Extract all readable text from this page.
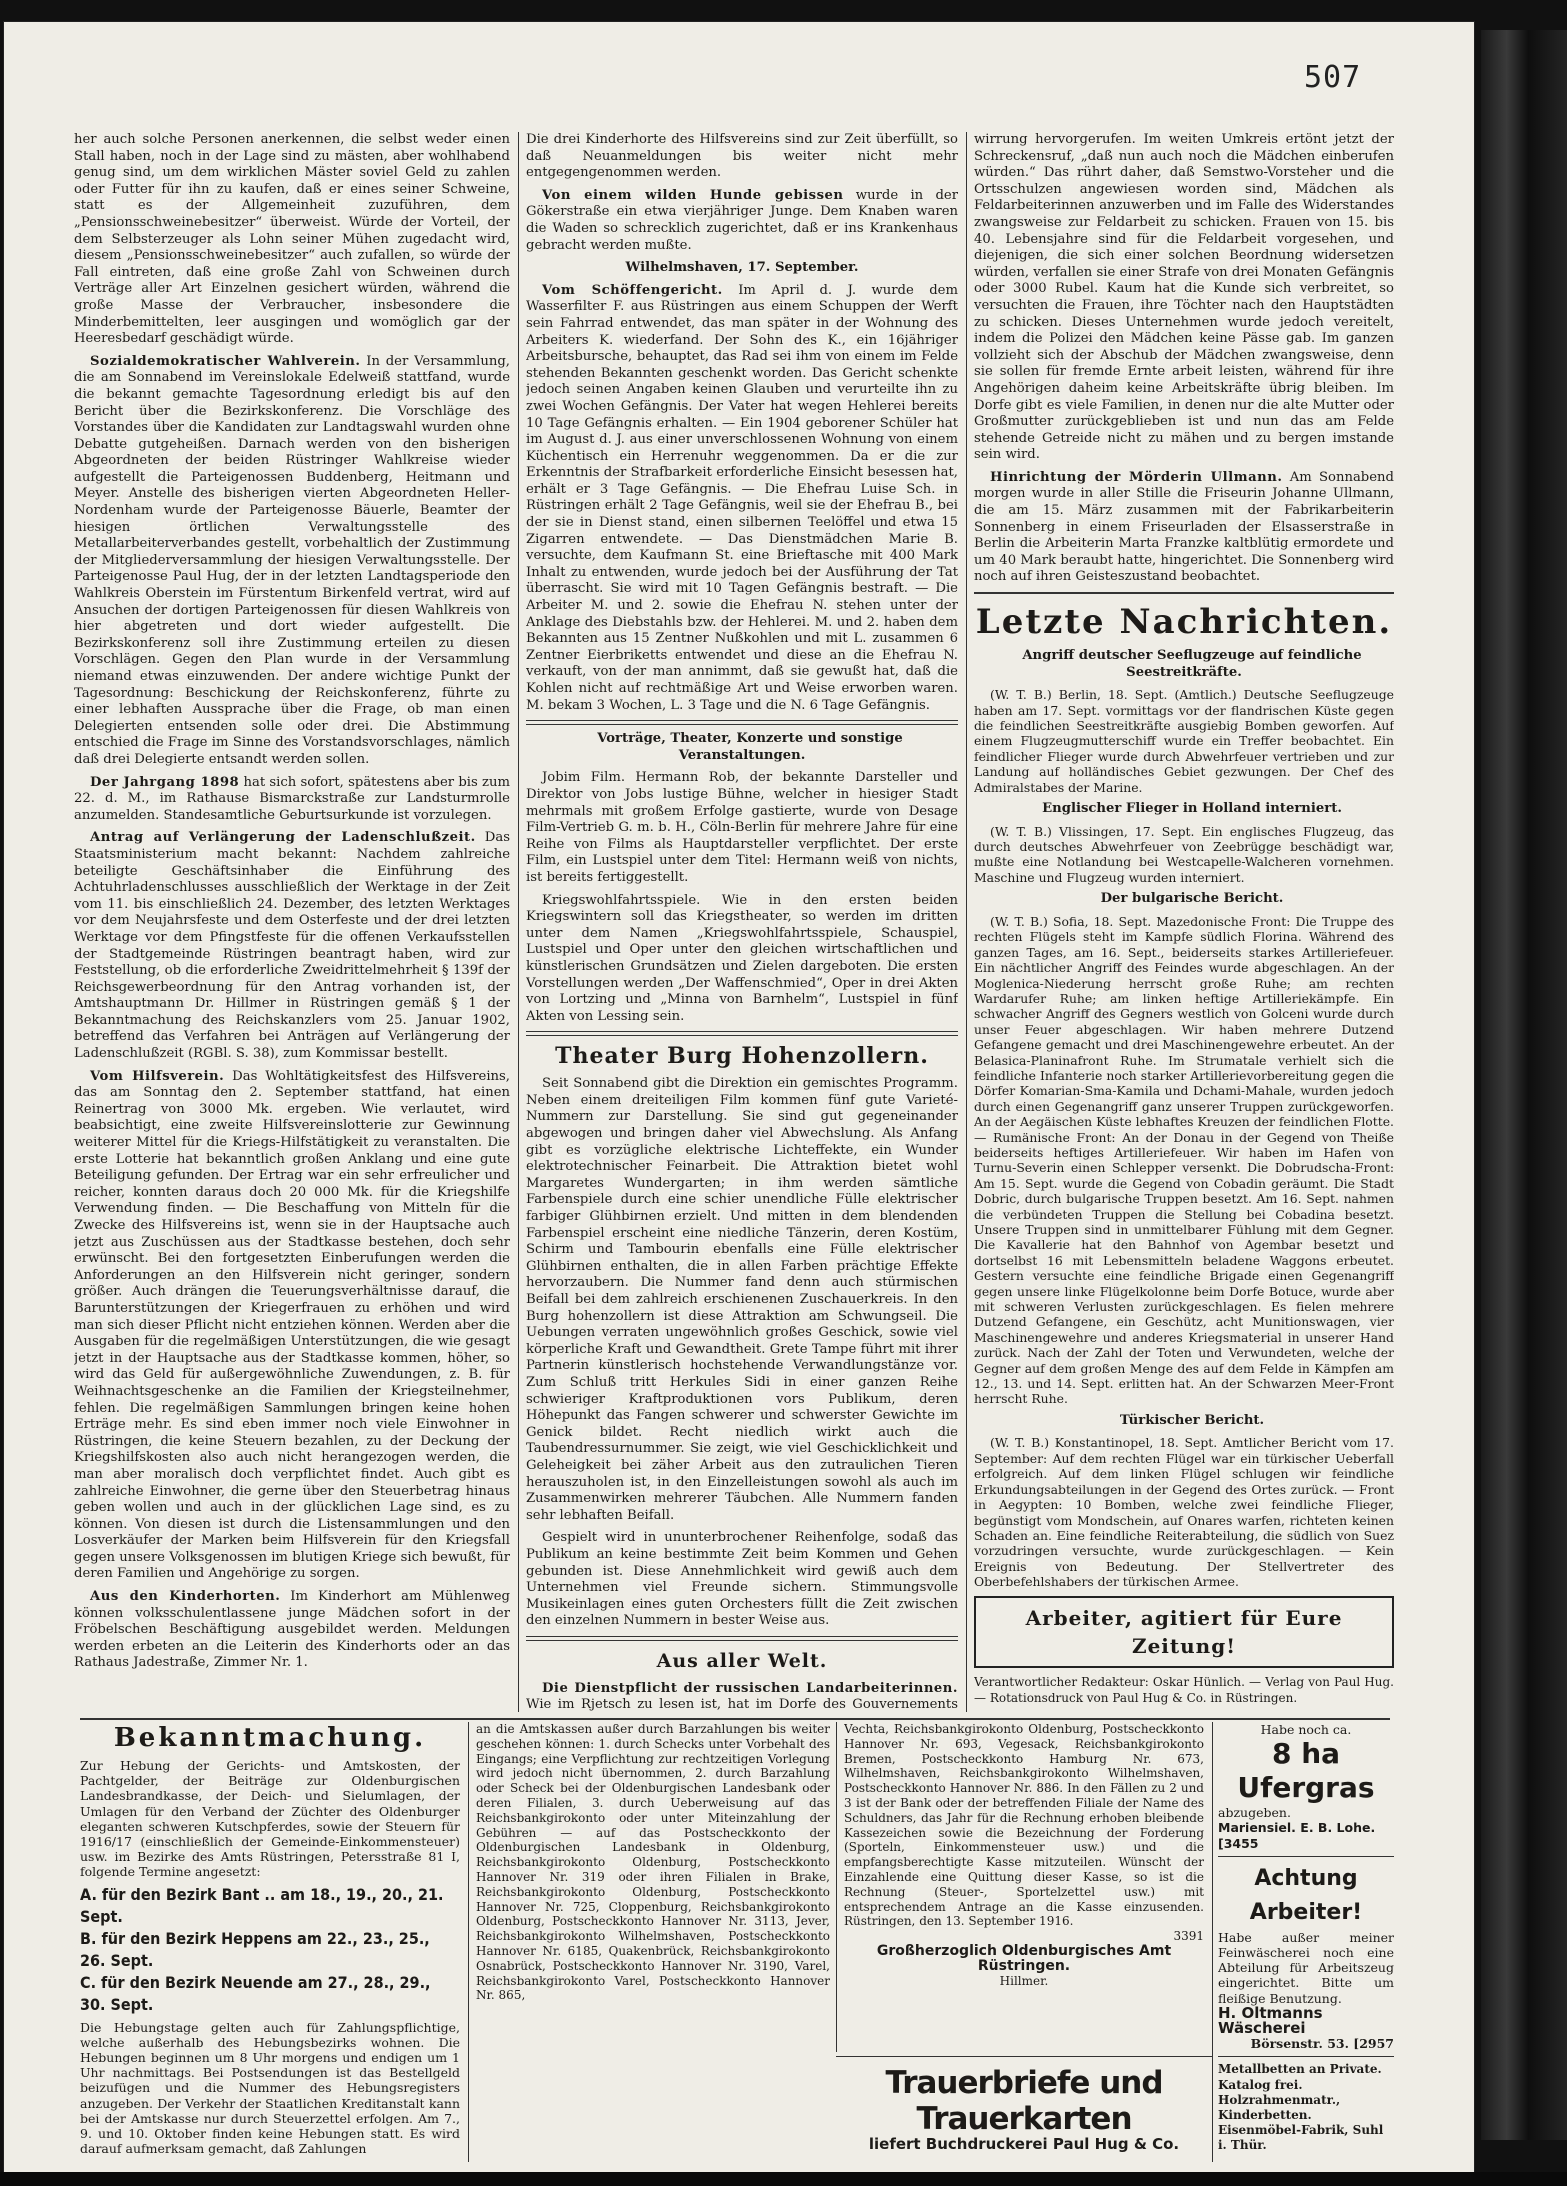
507

her auch solche Personen anerkennen, die selbst weder einen Stall haben, noch in der Lage sind zu mästen, aber wohlhabend genug sind, um dem wirklichen Mäster soviel Geld zu zahlen oder Futter für ihn zu kaufen, daß er eines seiner Schweine, statt es der Allgemeinheit zuzuführen, dem „Pensionsschweinebesitzer“ überweist. Würde der Vorteil, der dem Selbsterzeuger als Lohn seiner Mühen zugedacht wird, diesem „Pensionsschweinebesitzer“ auch zufallen, so würde der Fall eintreten, daß eine große Zahl von Schweinen durch Verträge aller Art Einzelnen gesichert würden, während die große Masse der Verbraucher, insbesondere die Minderbemittelten, leer ausgingen und womöglich gar der Heeresbedarf geschädigt würde.

Sozialdemokratischer Wahlverein. In der Versammlung, die am Sonnabend im Vereinslokale Edelweiß stattfand, wurde die bekannt gemachte Tagesordnung erledigt bis auf den Bericht über die Bezirkskonferenz. Die Vorschläge des Vorstandes über die Kandidaten zur Landtagswahl wurden ohne Debatte gutgeheißen. Darnach werden von den bisherigen Abgeordneten der beiden Rüstringer Wahlkreise wieder aufgestellt die Parteigenossen Buddenberg, Heitmann und Meyer. Anstelle des bisherigen vierten Abgeordneten Heller-Nordenham wurde der Parteigenosse Bäuerle, Beamter der hiesigen örtlichen Verwaltungsstelle des Metallarbeiterverbandes gestellt, vorbehaltlich der Zustimmung der Mitgliederversammlung der hiesigen Verwaltungsstelle. Der Parteigenosse Paul Hug, der in der letzten Landtagsperiode den Wahlkreis Oberstein im Fürstentum Birkenfeld vertrat, wird auf Ansuchen der dortigen Parteigenossen für diesen Wahlkreis von hier abgetreten und dort wieder aufgestellt. Die Bezirkskonferenz soll ihre Zustimmung erteilen zu diesen Vorschlägen. Gegen den Plan wurde in der Versammlung niemand etwas einzuwenden. Der andere wichtige Punkt der Tagesordnung: Beschickung der Reichskonferenz, führte zu einer lebhaften Aussprache über die Frage, ob man einen Delegierten entsenden solle oder drei. Die Abstimmung entschied die Frage im Sinne des Vorstandsvorschlages, nämlich daß drei Delegierte entsandt werden sollen.

Der Jahrgang 1898 hat sich sofort, spätestens aber bis zum 22. d. M., im Rathause Bismarckstraße zur Landsturmrolle anzumelden. Standesamtliche Geburtsurkunde ist vorzulegen.

Antrag auf Verlängerung der Ladenschlußzeit. Das Staatsministerium macht bekannt: Nachdem zahlreiche beteiligte Geschäftsinhaber die Einführung des Achtuhrladenschlusses ausschließlich der Werktage in der Zeit vom 11. bis einschließlich 24. Dezember, des letzten Werktages vor dem Neujahrsfeste und dem Osterfeste und der drei letzten Werktage vor dem Pfingstfeste für die offenen Verkaufsstellen der Stadtgemeinde Rüstringen beantragt haben, wird zur Feststellung, ob die erforderliche Zweidrittelmehrheit § 139f der Reichsgewerbeordnung für den Antrag vorhanden ist, der Amtshauptmann Dr. Hillmer in Rüstringen gemäß § 1 der Bekanntmachung des Reichskanzlers vom 25. Januar 1902, betreffend das Verfahren bei Anträgen auf Verlängerung der Ladenschlußzeit (RGBl. S. 38), zum Kommissar bestellt.

Vom Hilfsverein. Das Wohltätigkeitsfest des Hilfsvereins, das am Sonntag den 2. September stattfand, hat einen Reinertrag von 3000 Mk. ergeben. Wie verlautet, wird beabsichtigt, eine zweite Hilfsvereinslotterie zur Gewinnung weiterer Mittel für die Kriegs-Hilfstätigkeit zu veranstalten. Die erste Lotterie hat bekanntlich großen Anklang und eine gute Beteiligung gefunden. Der Ertrag war ein sehr erfreulicher und reicher, konnten daraus doch 20 000 Mk. für die Kriegshilfe Verwendung finden. — Die Beschaffung von Mitteln für die Zwecke des Hilfsvereins ist, wenn sie in der Hauptsache auch jetzt aus Zuschüssen aus der Stadtkasse bestehen, doch sehr erwünscht. Bei den fortgesetzten Einberufungen werden die Anforderungen an den Hilfsverein nicht geringer, sondern größer. Auch drängen die Teuerungsverhältnisse darauf, die Barunterstützungen der Kriegerfrauen zu erhöhen und wird man sich dieser Pflicht nicht entziehen können. Werden aber die Ausgaben für die regelmäßigen Unterstützungen, die wie gesagt jetzt in der Hauptsache aus der Stadtkasse kommen, höher, so wird das Geld für außergewöhnliche Zuwendungen, z. B. für Weihnachtsgeschenke an die Familien der Kriegsteilnehmer, fehlen. Die regelmäßigen Sammlungen bringen keine hohen Erträge mehr. Es sind eben immer noch viele Einwohner in Rüstringen, die keine Steuern bezahlen, zu der Deckung der Kriegshilfskosten also auch nicht herangezogen werden, die man aber moralisch doch verpflichtet findet. Auch gibt es zahlreiche Einwohner, die gerne über den Steuerbetrag hinaus geben wollen und auch in der glücklichen Lage sind, es zu können. Von diesen ist durch die Listensammlungen und den Losverkäufer der Marken beim Hilfsverein für den Kriegsfall gegen unsere Volksgenossen im blutigen Kriege sich bewußt, für deren Familien und Angehörige zu sorgen.

Aus den Kinderhorten. Im Kinderhort am Mühlenweg können volksschulentlassene junge Mädchen sofort in der Fröbelschen Beschäftigung ausgebildet werden. Meldungen werden erbeten an die Leiterin des Kinderhorts oder an das Rathaus Jadestraße, Zimmer Nr. 1.

Die drei Kinderhorte des Hilfsvereins sind zur Zeit überfüllt, so daß Neuanmeldungen bis weiter nicht mehr entgegengenommen werden.

Von einem wilden Hunde gebissen wurde in der Gökerstraße ein etwa vierjähriger Junge. Dem Knaben waren die Waden so schrecklich zugerichtet, daß er ins Krankenhaus gebracht werden mußte.

Wilhelmshaven, 17. September.

Vom Schöffengericht. Im April d. J. wurde dem Wasserfilter F. aus Rüstringen aus einem Schuppen der Werft sein Fahrrad entwendet, das man später in der Wohnung des Arbeiters K. wiederfand. Der Sohn des K., ein 16jähriger Arbeitsbursche, behauptet, das Rad sei ihm von einem im Felde stehenden Bekannten geschenkt worden. Das Gericht schenkte jedoch seinen Angaben keinen Glauben und verurteilte ihn zu zwei Wochen Gefängnis. Der Vater hat wegen Hehlerei bereits 10 Tage Gefängnis erhalten. — Ein 1904 geborener Schüler hat im August d. J. aus einer unverschlossenen Wohnung von einem Küchentisch ein Herrenuhr weggenommen. Da er die zur Erkenntnis der Strafbarkeit erforderliche Einsicht besessen hat, erhält er 3 Tage Gefängnis. — Die Ehefrau Luise Sch. in Rüstringen erhält 2 Tage Gefängnis, weil sie der Ehefrau B., bei der sie in Dienst stand, einen silbernen Teelöffel und etwa 15 Zigarren entwendete. — Das Dienstmädchen Marie B. versuchte, dem Kaufmann St. eine Brieftasche mit 400 Mark Inhalt zu entwenden, wurde jedoch bei der Ausführung der Tat überrascht. Sie wird mit 10 Tagen Gefängnis bestraft. — Die Arbeiter M. und 2. sowie die Ehefrau N. stehen unter der Anklage des Diebstahls bzw. der Hehlerei. M. und 2. haben dem Bekannten aus 15 Zentner Nußkohlen und mit L. zusammen 6 Zentner Eierbriketts entwendet und diese an die Ehefrau N. verkauft, von der man annimmt, daß sie gewußt hat, daß die Kohlen nicht auf rechtmäßige Art und Weise erworben waren. M. bekam 3 Wochen, L. 3 Tage und die N. 6 Tage Gefängnis.

Vorträge, Theater, Konzerte und sonstige Veranstaltungen.

Jobim Film. Hermann Rob, der bekannte Darsteller und Direktor von Jobs lustige Bühne, welcher in hiesiger Stadt mehrmals mit großem Erfolge gastierte, wurde von Desage Film-Vertrieb G. m. b. H., Cöln-Berlin für mehrere Jahre für eine Reihe von Films als Hauptdarsteller verpflichtet. Der erste Film, ein Lustspiel unter dem Titel: Hermann weiß von nichts, ist bereits fertiggestellt.

Kriegswohlfahrtsspiele. Wie in den ersten beiden Kriegswintern soll das Kriegstheater, so werden im dritten unter dem Namen „Kriegswohlfahrtsspiele, Schauspiel, Lustspiel und Oper unter den gleichen wirtschaftlichen und künstlerischen Grundsätzen und Zielen dargeboten. Die ersten Vorstellungen werden „Der Waffenschmied“, Oper in drei Akten von Lortzing und „Minna von Barnhelm“, Lustspiel in fünf Akten von Lessing sein.

Theater Burg Hohenzollern.

Seit Sonnabend gibt die Direktion ein gemischtes Programm. Neben einem dreiteiligen Film kommen fünf gute Varieté-Nummern zur Darstellung. Sie sind gut gegeneinander abgewogen und bringen daher viel Abwechslung. Als Anfang gibt es vorzügliche elektrische Lichteffekte, ein Wunder elektrotechnischer Feinarbeit. Die Attraktion bietet wohl Margaretes Wundergarten; in ihm werden sämtliche Farbenspiele durch eine schier unendliche Fülle elektrischer farbiger Glühbirnen erzielt. Und mitten in dem blendenden Farbenspiel erscheint eine niedliche Tänzerin, deren Kostüm, Schirm und Tambourin ebenfalls eine Fülle elektrischer Glühbirnen enthalten, die in allen Farben prächtige Effekte hervorzaubern. Die Nummer fand denn auch stürmischen Beifall bei dem zahlreich erschienenen Zuschauerkreis. In den Burg hohenzollern ist diese Attraktion am Schwungseil. Die Uebungen verraten ungewöhnlich großes Geschick, sowie viel körperliche Kraft und Gewandtheit. Grete Tampe führt mit ihrer Partnerin künstlerisch hochstehende Verwandlungstänze vor. Zum Schluß tritt Herkules Sidi in einer ganzen Reihe schwieriger Kraftproduktionen vors Publikum, deren Höhepunkt das Fangen schwerer und schwerster Gewichte im Genick bildet. Recht niedlich wirkt auch die Taubendressurnummer. Sie zeigt, wie viel Geschicklichkeit und Geleheigkeit bei zäher Arbeit aus den zutraulichen Tieren herauszuholen ist, in den Einzelleistungen sowohl als auch im Zusammenwirken mehrerer Täubchen. Alle Nummern fanden sehr lebhaften Beifall.

Gespielt wird in ununterbrochener Reihenfolge, sodaß das Publikum an keine bestimmte Zeit beim Kommen und Gehen gebunden ist. Diese Annehmlichkeit wird gewiß auch dem Unternehmen viel Freunde sichern. Stimmungsvolle Musikeinlagen eines guten Orchesters füllt die Zeit zwischen den einzelnen Nummern in bester Weise aus.

Aus aller Welt.

Die Dienstpflicht der russischen Landarbeiterinnen. Wie im Rjetsch zu lesen ist, hat im Dorfe des Gouvernements

wirrung hervorgerufen. Im weiten Umkreis ertönt jetzt der Schreckensruf, „daß nun auch noch die Mädchen einberufen würden.“ Das rührt daher, daß Semstwo-Vorsteher und die Ortsschulzen angewiesen worden sind, Mädchen als Feldarbeiterinnen anzuwerben und im Falle des Widerstandes zwangsweise zur Feldarbeit zu schicken. Frauen von 15. bis 40. Lebensjahre sind für die Feldarbeit vorgesehen, und diejenigen, die sich einer solchen Beordnung widersetzen würden, verfallen sie einer Strafe von drei Monaten Gefängnis oder 3000 Rubel. Kaum hat die Kunde sich verbreitet, so versuchten die Frauen, ihre Töchter nach den Hauptstädten zu schicken. Dieses Unternehmen wurde jedoch vereitelt, indem die Polizei den Mädchen keine Pässe gab. Im ganzen vollzieht sich der Abschub der Mädchen zwangsweise, denn sie sollen für fremde Ernte arbeit leisten, während für ihre Angehörigen daheim keine Arbeitskräfte übrig bleiben. Im Dorfe gibt es viele Familien, in denen nur die alte Mutter oder Großmutter zurückgeblieben ist und nun das am Felde stehende Getreide nicht zu mähen und zu bergen imstande sein wird.

Hinrichtung der Mörderin Ullmann. Am Sonnabend morgen wurde in aller Stille die Friseurin Johanne Ullmann, die am 15. März zusammen mit der Fabrikarbeiterin Sonnenberg in einem Friseurladen der Elsasserstraße in Berlin die Arbeiterin Marta Franzke kaltblütig ermordete und um 40 Mark beraubt hatte, hingerichtet. Die Sonnenberg wird noch auf ihren Geisteszustand beobachtet.

Letzte Nachrichten.

Angriff deutscher Seeflugzeuge auf feindliche Seestreitkräfte.

(W. T. B.) Berlin, 18. Sept. (Amtlich.) Deutsche Seeflugzeuge haben am 17. Sept. vormittags vor der flandrischen Küste gegen die feindlichen Seestreitkräfte ausgiebig Bomben geworfen. Auf einem Flugzeugmutterschiff wurde ein Treffer beobachtet. Ein feindlicher Flieger wurde durch Abwehrfeuer vertrieben und zur Landung auf holländisches Gebiet gezwungen. Der Chef des Admiralstabes der Marine.

Englischer Flieger in Holland interniert.

(W. T. B.) Vlissingen, 17. Sept. Ein englisches Flugzeug, das durch deutsches Abwehrfeuer von Zeebrügge beschädigt war, mußte eine Notlandung bei Westcapelle-Walcheren vornehmen. Maschine und Flugzeug wurden interniert.

Der bulgarische Bericht.

(W. T. B.) Sofia, 18. Sept. Mazedonische Front: Die Truppe des rechten Flügels steht im Kampfe südlich Florina. Während des ganzen Tages, am 16. Sept., beiderseits starkes Artilleriefeuer. Ein nächtlicher Angriff des Feindes wurde abgeschlagen. An der Moglenica-Niederung herrscht große Ruhe; am rechten Wardarufer Ruhe; am linken heftige Artilleriekämpfe. Ein schwacher Angriff des Gegners westlich von Golceni wurde durch unser Feuer abgeschlagen. Wir haben mehrere Dutzend Gefangene gemacht und drei Maschinengewehre erbeutet. An der Belasica-Planinafront Ruhe. Im Strumatale verhielt sich die feindliche Infanterie noch starker Artillerievorbereitung gegen die Dörfer Komarian-Sma-Kamila und Dchami-Mahale, wurden jedoch durch einen Gegenangriff ganz unserer Truppen zurückgeworfen. An der Aegäischen Küste lebhaftes Kreuzen der feindlichen Flotte. — Rumänische Front: An der Donau in der Gegend von Theiße beiderseits heftiges Artilleriefeuer. Wir haben im Hafen von Turnu-Severin einen Schlepper versenkt. Die Dobrudscha-Front: Am 15. Sept. wurde die Gegend von Cobadin geräumt. Die Stadt Dobric, durch bulgarische Truppen besetzt. Am 16. Sept. nahmen die verbündeten Truppen die Stellung bei Cobadina besetzt. Unsere Truppen sind in unmittelbarer Fühlung mit dem Gegner. Die Kavallerie hat den Bahnhof von Agembar besetzt und dortselbst 16 mit Lebensmitteln beladene Waggons erbeutet. Gestern versuchte eine feindliche Brigade einen Gegenangriff gegen unsere linke Flügelkolonne beim Dorfe Botuce, wurde aber mit schweren Verlusten zurückgeschlagen. Es fielen mehrere Dutzend Gefangene, ein Geschütz, acht Munitionswagen, vier Maschinengewehre und anderes Kriegsmaterial in unserer Hand zurück. Nach der Zahl der Toten und Verwundeten, welche der Gegner auf dem großen Menge des auf dem Felde in Kämpfen am 12., 13. und 14. Sept. erlitten hat. An der Schwarzen Meer-Front herrscht Ruhe.

Türkischer Bericht.

(W. T. B.) Konstantinopel, 18. Sept. Amtlicher Bericht vom 17. September: Auf dem rechten Flügel war ein türkischer Ueberfall erfolgreich. Auf dem linken Flügel schlugen wir feindliche Erkundungsabteilungen in der Gegend des Ortes zurück. — Front in Aegypten: 10 Bomben, welche zwei feindliche Flieger, begünstigt vom Mondschein, auf Onares warfen, richteten keinen Schaden an. Eine feindliche Reiterabteilung, die südlich von Suez vorzudringen versuchte, wurde zurückgeschlagen. — Kein Ereignis von Bedeutung. Der Stellvertreter des Oberbefehlshabers der türkischen Armee.

Arbeiter, agitiert für Eure Zeitung!

Verantwortlicher Redakteur: Oskar Hünlich. — Verlag von Paul Hug. — Rotationsdruck von Paul Hug & Co. in Rüstringen.

Bekanntmachung.
Zur Hebung der Gerichts- und Amtskosten, der Pachtgelder, der Beiträge zur Oldenburgischen Landesbrandkasse, der Deich- und Sielumlagen, der Umlagen für den Verband der Züchter des Oldenburger eleganten schweren Kutschpferdes, sowie der Steuern für 1916/17 (einschließlich der Gemeinde-Einkommensteuer) usw. im Bezirke des Amts Rüstringen, Petersstraße 81 I, folgende Termine angesetzt:
A. für den Bezirk Bant .. am 18., 19., 20., 21. Sept.
B. für den Bezirk Heppens am 22., 23., 25., 26. Sept.
C. für den Bezirk Neuende am 27., 28., 29., 30. Sept.
Die Hebungstage gelten auch für Zahlungspflichtige, welche außerhalb des Hebungsbezirks wohnen. Die Hebungen beginnen um 8 Uhr morgens und endigen um 1 Uhr nachmittags. Bei Postsendungen ist das Bestellgeld beizufügen und die Nummer des Hebungsregisters anzugeben. Der Verkehr der Staatlichen Kreditanstalt kann bei der Amtskasse nur durch Steuerzettel erfolgen. Am 7., 9. und 10. Oktober finden keine Hebungen statt. Es wird darauf aufmerksam gemacht, daß Zahlungen
an die Amtskassen außer durch Barzahlungen bis weiter geschehen können: 1. durch Schecks unter Vorbehalt des Eingangs; eine Verpflichtung zur rechtzeitigen Vorlegung wird jedoch nicht übernommen, 2. durch Barzahlung oder Scheck bei der Oldenburgischen Landesbank oder deren Filialen, 3. durch Ueberweisung auf das Reichsbankgirokonto oder unter Miteinzahlung der Gebühren — auf das Postscheckkonto der Oldenburgischen Landesbank in Oldenburg, Reichsbankgirokonto Oldenburg, Postscheckkonto Hannover Nr. 319 oder ihren Filialen in Brake, Reichsbankgirokonto Oldenburg, Postscheckkonto Hannover Nr. 725, Cloppenburg, Reichsbankgirokonto Oldenburg, Postscheckkonto Hannover Nr. 3113, Jever, Reichsbankgirokonto Wilhelmshaven, Postscheckkonto Hannover Nr. 6185, Quakenbrück, Reichsbankgirokonto Osnabrück, Postscheckkonto Hannover Nr. 3190, Varel, Reichsbankgirokonto Varel, Postscheckkonto Hannover Nr. 865,
Vechta, Reichsbankgirokonto Oldenburg, Postscheckkonto Hannover Nr. 693, Vegesack, Reichsbankgirokonto Bremen, Postscheckkonto Hamburg Nr. 673, Wilhelmshaven, Reichsbankgirokonto Wilhelmshaven, Postscheckkonto Hannover Nr. 886. In den Fällen zu 2 und 3 ist der Bank oder der betreffenden Filiale der Name des Schuldners, das Jahr für die Rechnung erhoben bleibende Kassezeichen sowie die Bezeichnung der Forderung (Sporteln, Einkommensteuer usw.) und die empfangsberechtigte Kasse mitzuteilen. Wünscht der Einzahlende eine Quittung dieser Kasse, so ist die Rechnung (Steuer-, Sportelzettel usw.) mit entsprechendem Antrage an die Kasse einzusenden. Rüstringen, den 13. September 1916.
3391
Großherzoglich Oldenburgisches Amt Rüstringen.
Hillmer.
Trauerbriefe und Trauerkarten
liefert Buchdruckerei Paul Hug & Co.
Habe noch ca.
8 ha Ufergras
abzugeben.
Mariensiel. E. B. Lohe. [3455
Achtung Arbeiter!
Habe außer meiner Feinwäscherei noch eine Abteilung für Arbeitszeug eingerichtet. Bitte um fleißige Benutzung.
H. Oltmanns Wäscherei
Börsenstr. 53. [2957
Metallbetten an Private. Katalog frei. Holzrahmenmatr., Kinderbetten. Eisenmöbel-Fabrik, Suhl i. Thür.
